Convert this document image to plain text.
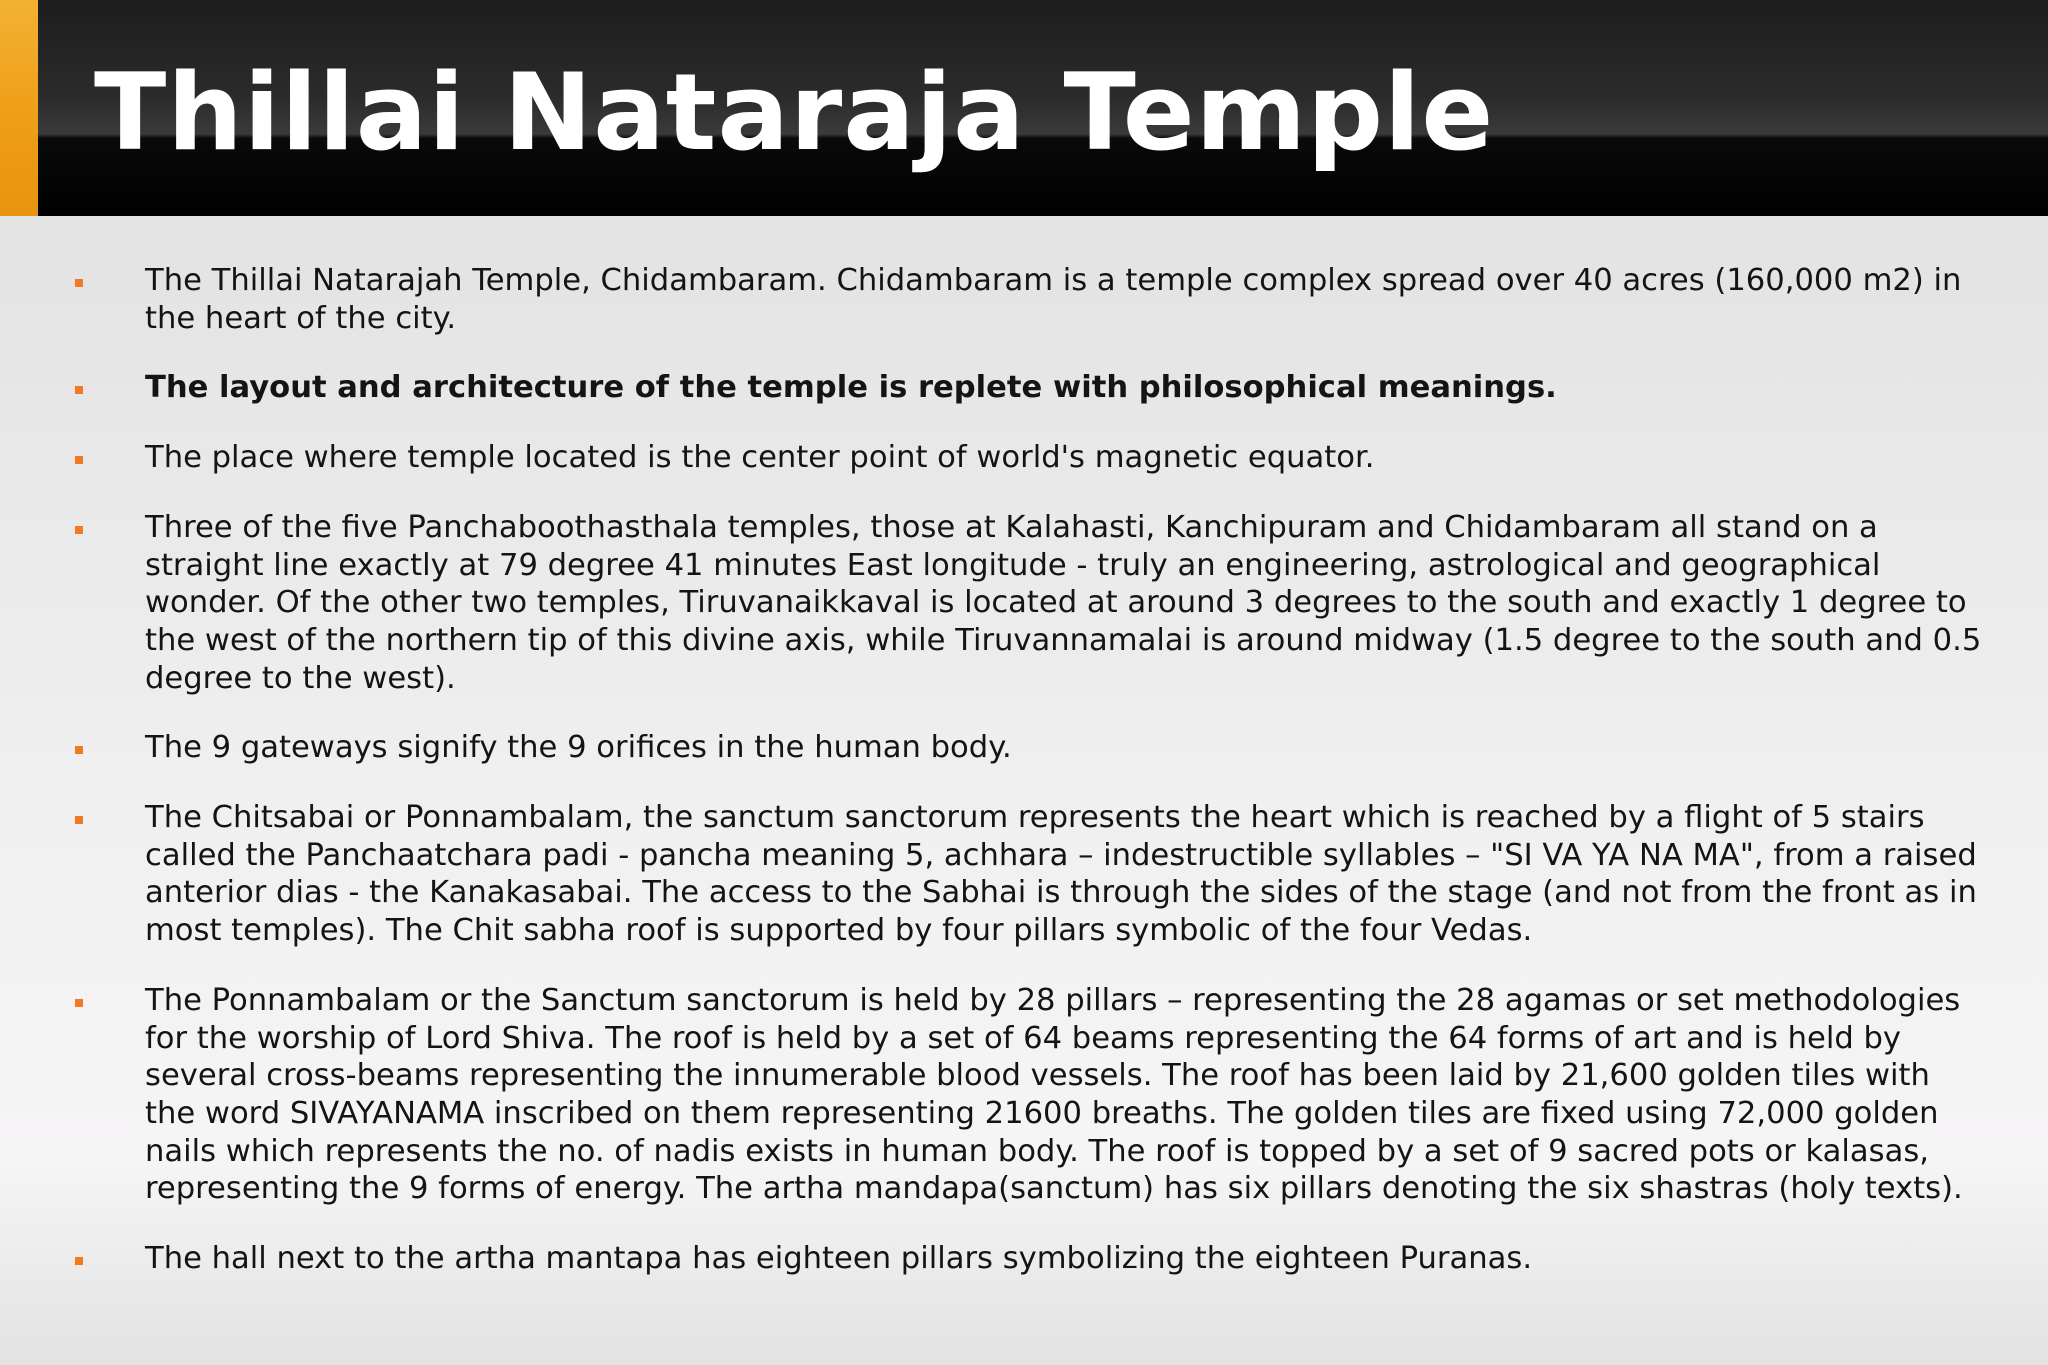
Thillai Nataraja Temple
The Thillai Natarajah Temple, Chidambaram. Chidambaram is a temple complex spread over 40 acres (160,000 m2) in the heart of the city.
The layout and architecture of the temple is replete with philosophical meanings.
The place where temple located is the center point of world's magnetic equator.
Three of the five Panchaboothasthala temples, those at Kalahasti, Kanchipuram and Chidambaram all stand on a straight line exactly at 79 degree 41 minutes East longitude - truly an engineering, astrological and geographical wonder. Of the other two temples, Tiruvanaikkaval is located at around 3 degrees to the south and exactly 1 degree to the west of the northern tip of this divine axis, while Tiruvannamalai is around midway (1.5 degree to the south and 0.5 degree to the west).
The 9 gateways signify the 9 orifices in the human body.
The Chitsabai or Ponnambalam, the sanctum sanctorum represents the heart which is reached by a flight of 5 stairs called the Panchaatchara padi - pancha meaning 5, achhara – indestructible syllables – "SI VA YA NA MA", from a raised anterior dias - the Kanakasabai. The access to the Sabhai is through the sides of the stage (and not from the front as in most temples). The Chit sabha roof is supported by four pillars symbolic of the four Vedas.
The Ponnambalam or the Sanctum sanctorum is held by 28 pillars – representing the 28 agamas or set methodologies for the worship of Lord Shiva. The roof is held by a set of 64 beams representing the 64 forms of art and is held by several cross-beams representing the innumerable blood vessels. The roof has been laid by 21,600 golden tiles with the word SIVAYANAMA inscribed on them representing 21600 breaths. The golden tiles are fixed using 72,000 golden nails which represents the no. of nadis exists in human body. The roof is topped by a set of 9 sacred pots or kalasas, representing the 9 forms of energy. The artha mandapa(sanctum) has six pillars denoting the six shastras (holy texts).
The hall next to the artha mantapa has eighteen pillars symbolizing the eighteen Puranas.
